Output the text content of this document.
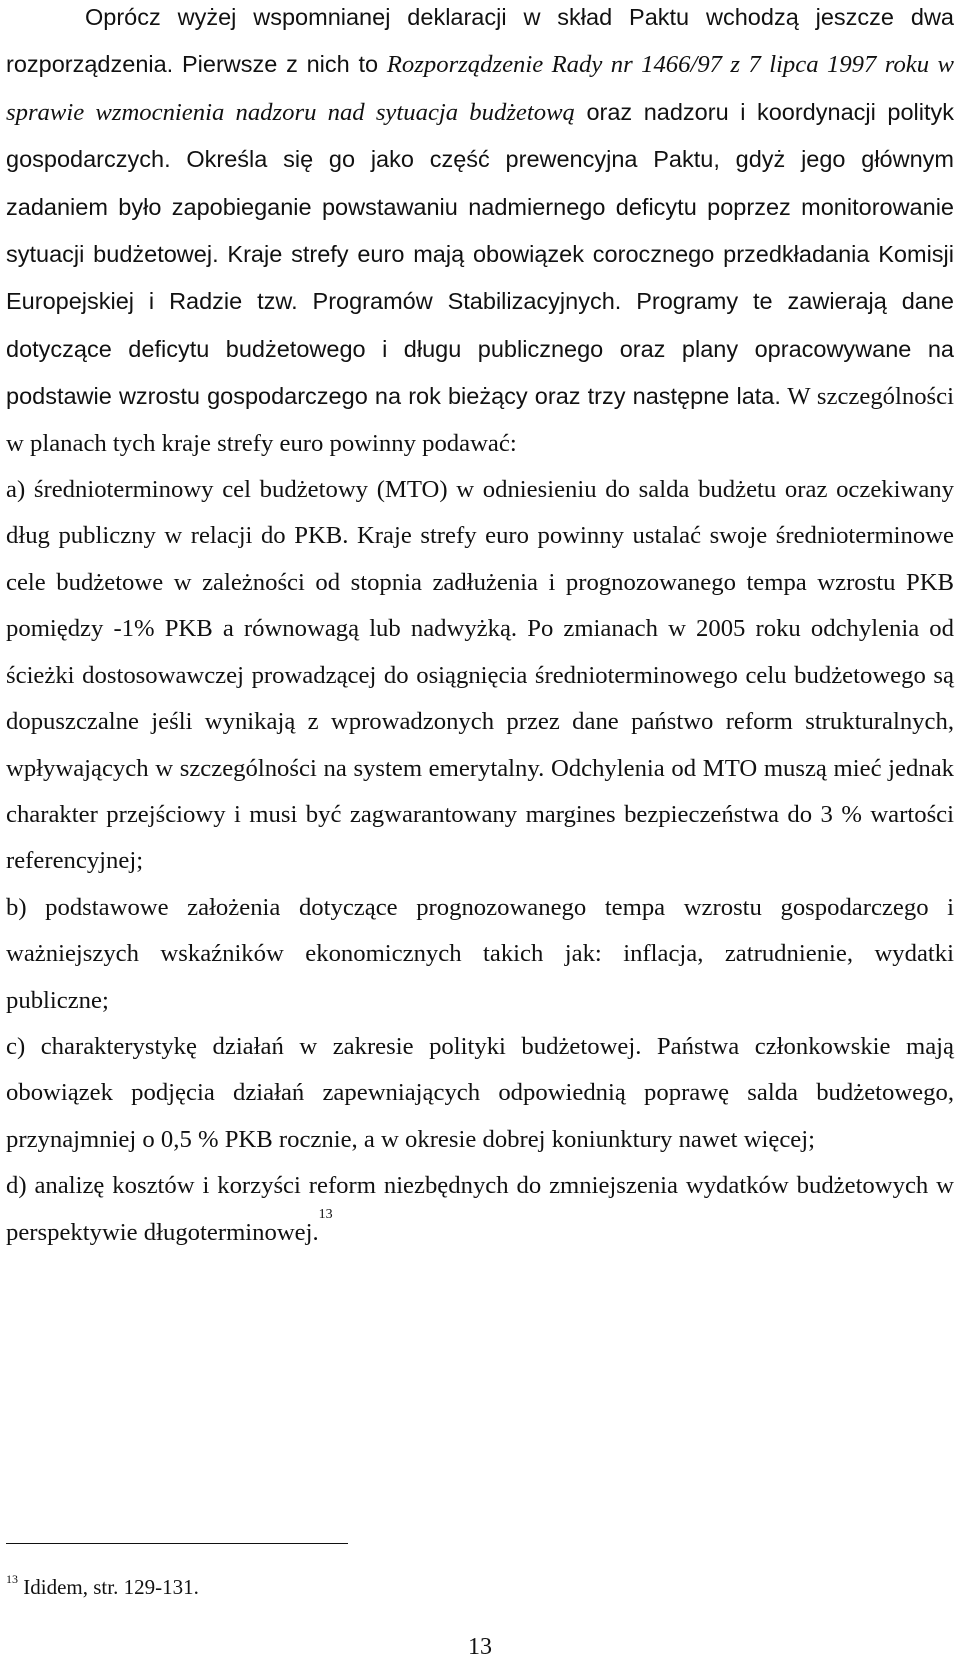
Oprócz wyżej wspomnianej deklaracji w skład Paktu wchodzą jeszcze dwa rozporządzenia. Pierwsze z nich to Rozporządzenie Rady nr 1466/97 z 7 lipca 1997 roku w sprawie wzmocnienia nadzoru nad sytuacja budżetową oraz nadzoru i koordynacji polityk gospodarczych. Określa się go jako część prewencyjna Paktu, gdyż jego głównym zadaniem było zapobieganie powstawaniu nadmiernego deficytu poprzez monitorowanie sytuacji budżetowej. Kraje strefy euro mają obowiązek corocznego przedkładania Komisji Europejskiej i Radzie tzw. Programów Stabilizacyjnych. Programy te zawierają dane dotyczące deficytu budżetowego i długu publicznego oraz plany opracowywane na podstawie wzrostu gospodarczego na rok bieżący oraz trzy następne lata. W szczególności w planach tych kraje strefy euro powinny podawać:

a) średnioterminowy cel budżetowy (MTO) w odniesieniu do salda budżetu oraz oczekiwany dług publiczny w relacji do PKB. Kraje strefy euro powinny ustalać swoje średnioterminowe cele budżetowe w zależności od stopnia zadłużenia i prognozowanego tempa wzrostu PKB pomiędzy -1% PKB a równowagą lub nadwyżką. Po zmianach w 2005 roku odchylenia od ścieżki dostosowawczej prowadzącej do osiągnięcia średnioterminowego celu budżetowego są dopuszczalne jeśli wynikają z wprowadzonych przez dane państwo reform strukturalnych, wpływających w szczególności na system emerytalny. Odchylenia od MTO muszą mieć jednak charakter przejściowy i musi być zagwarantowany margines bezpieczeństwa do 3 % wartości referencyjnej;

b) podstawowe założenia dotyczące prognozowanego tempa wzrostu gospodarczego i ważniejszych wskaźników ekonomicznych takich jak: inflacja, zatrudnienie, wydatki publiczne;

c) charakterystykę działań w zakresie polityki budżetowej. Państwa członkowskie mają obowiązek podjęcia działań zapewniających odpowiednią poprawę salda budżetowego, przynajmniej o 0,5 % PKB rocznie, a w okresie dobrej koniunktury nawet więcej;

d) analizę kosztów i korzyści reform niezbędnych do zmniejszenia wydatków budżetowych w perspektywie długoterminowej.$^{13}$

$^{13}$ Ididem, str. 129-131.
13
